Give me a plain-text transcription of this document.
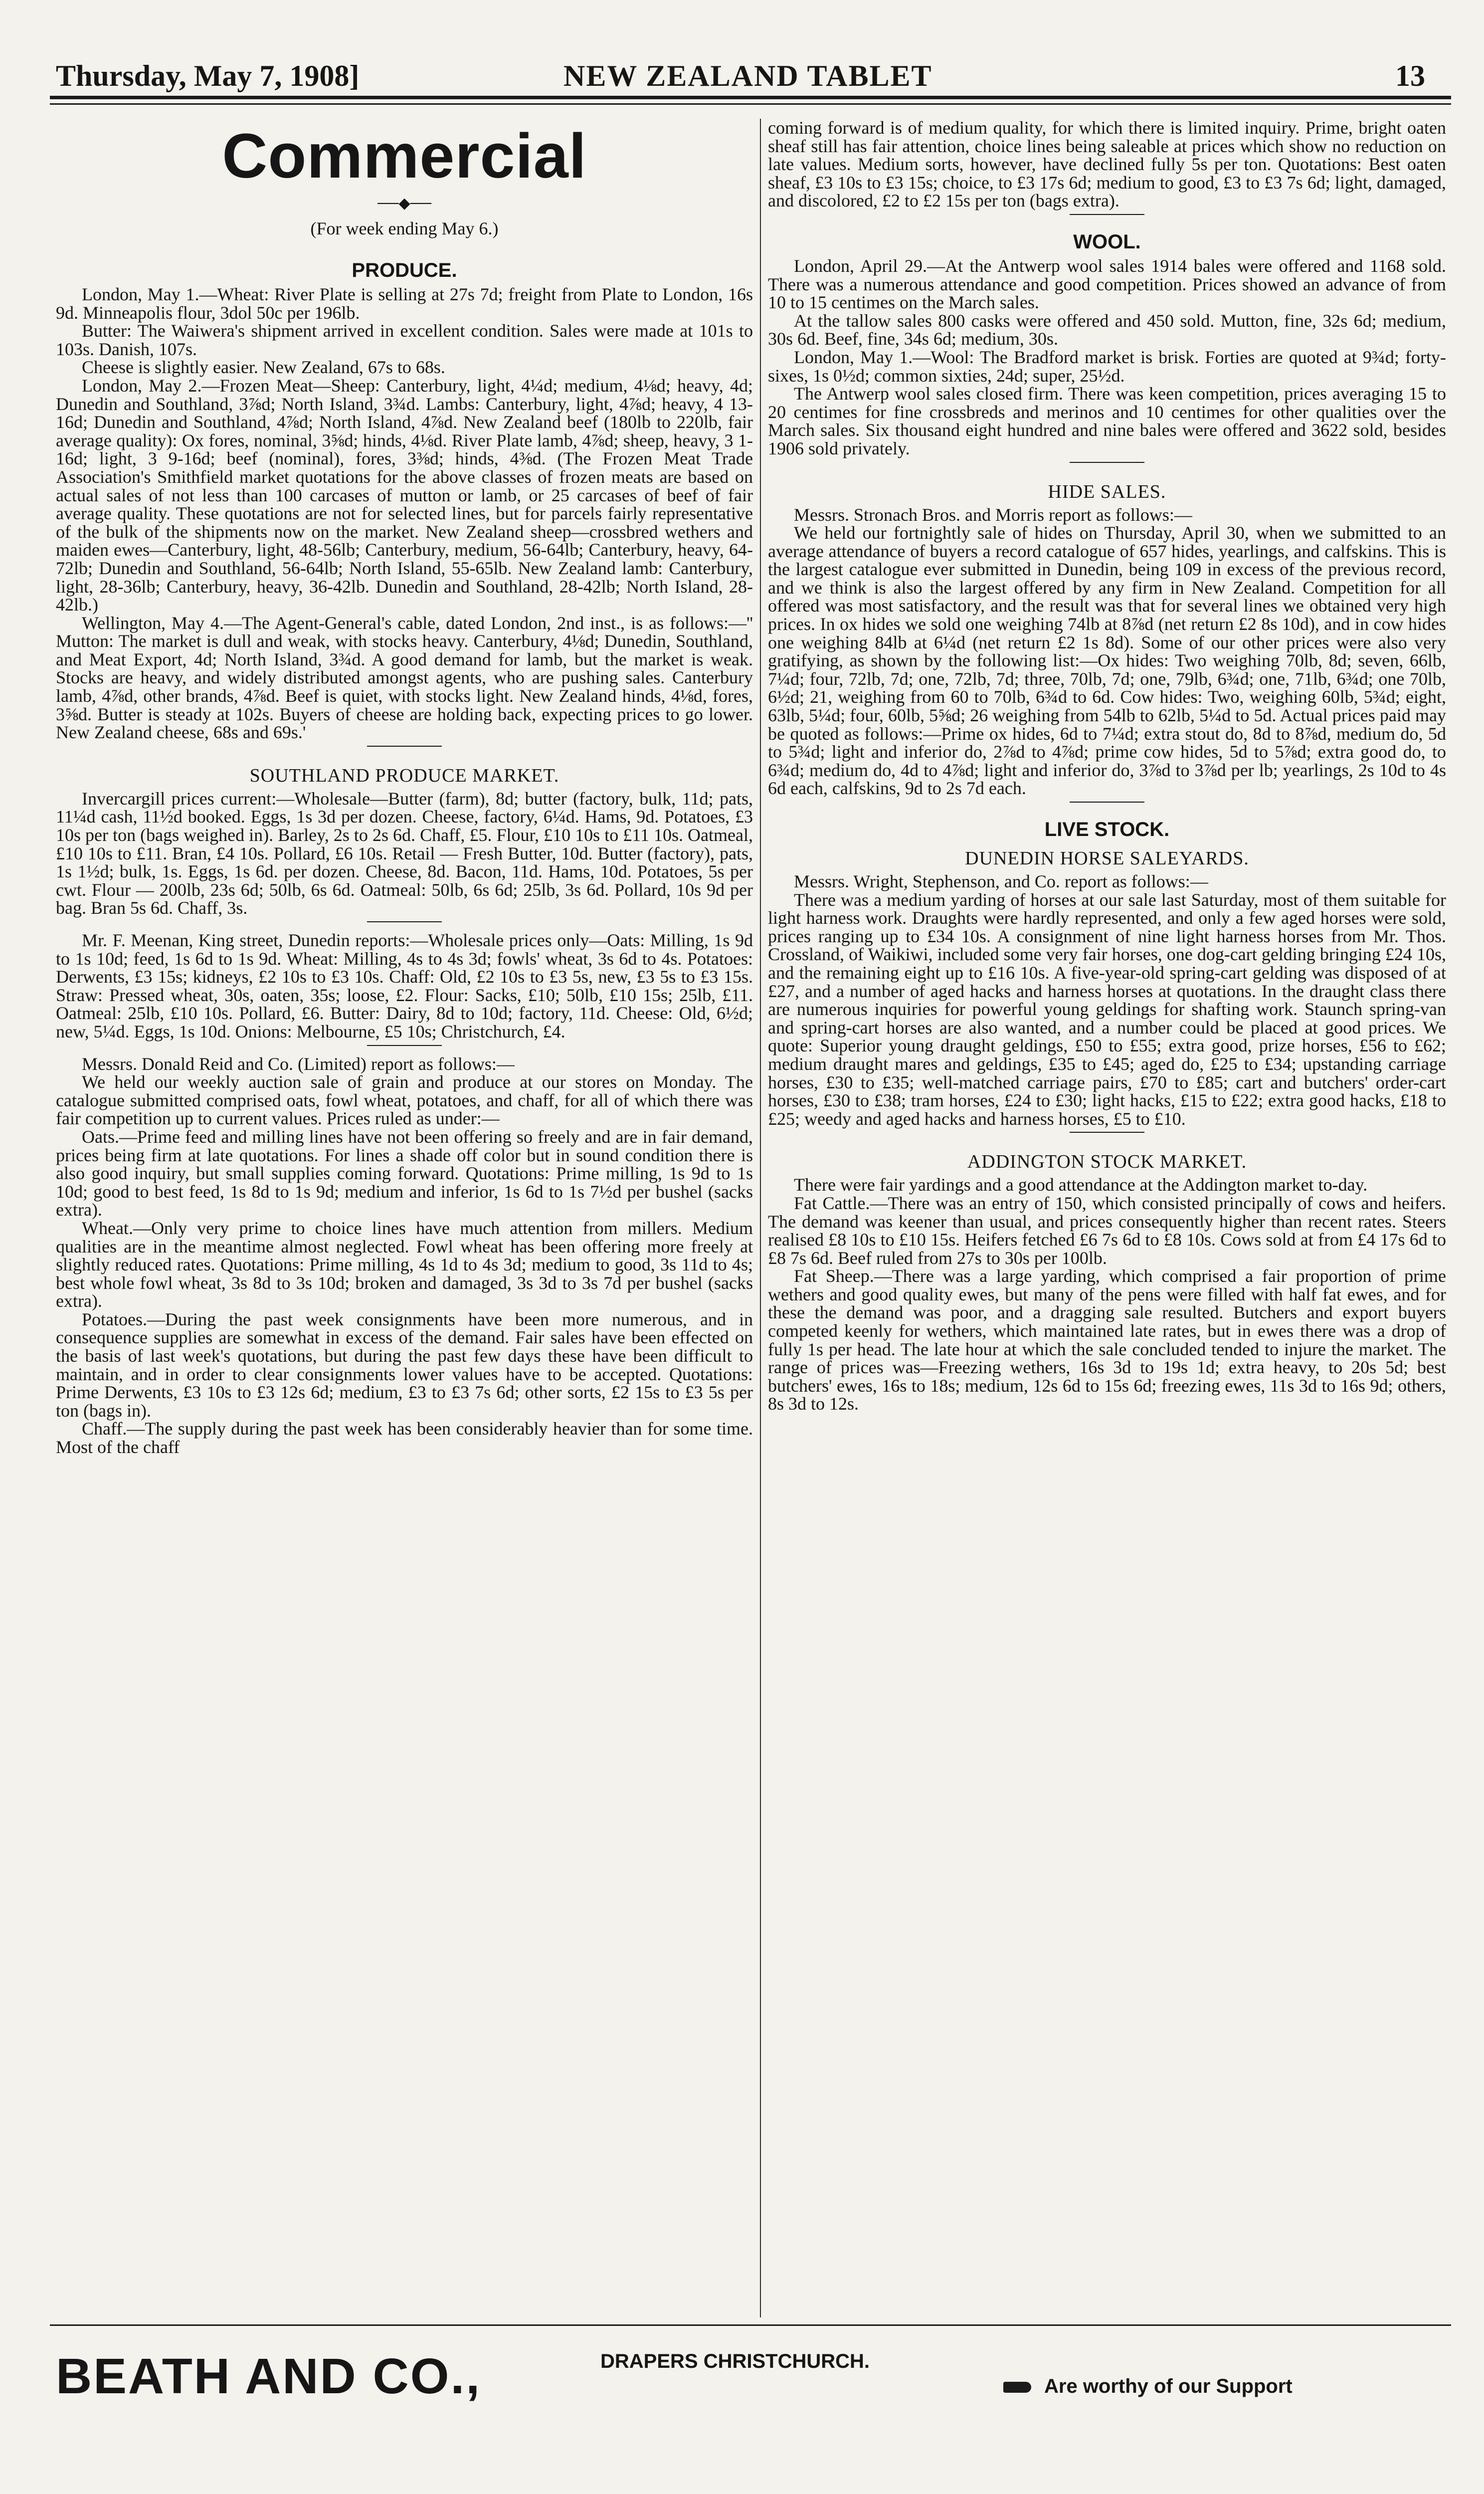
Thursday, May 7, 1908]	NEW ZEALAND TABLET	13
Commercial
──◆──
(For week ending May 6.)
PRODUCE.

London, May 1.—Wheat: River Plate is selling at 27s 7d; freight from Plate to London, 16s 9d. Minneapolis flour, 3dol 50c per 196lb.

Butter: The Waiwera's shipment arrived in excellent condition. Sales were made at 101s to 103s. Danish, 107s.

Cheese is slightly easier. New Zealand, 67s to 68s.

London, May 2.—Frozen Meat—Sheep: Canterbury, light, 4¼d; medium, 4⅛d; heavy, 4d; Dunedin and Southland, 3⅞d; North Island, 3¾d. Lambs: Canterbury, light, 4⅞d; heavy, 4 13-16d; Dunedin and Southland, 4⅞d; North Island, 4⅞d. New Zealand beef (180lb to 220lb, fair average quality): Ox fores, nominal, 3⅝d; hinds, 4⅛d. River Plate lamb, 4⅞d; sheep, heavy, 3 1-16d; light, 3 9-16d; beef (nominal), fores, 3⅜d; hinds, 4⅜d. (The Frozen Meat Trade Association's Smithfield market quotations for the above classes of frozen meats are based on actual sales of not less than 100 carcases of mutton or lamb, or 25 carcases of beef of fair average quality. These quotations are not for selected lines, but for parcels fairly representative of the bulk of the shipments now on the market. New Zealand sheep—crossbred wethers and maiden ewes—Canterbury, light, 48-56lb; Canterbury, medium, 56-64lb; Canterbury, heavy, 64-72lb; Dunedin and Southland, 56-64lb; North Island, 55-65lb. New Zealand lamb: Canterbury, light, 28-36lb; Canterbury, heavy, 36-42lb. Dunedin and Southland, 28-42lb; North Island, 28-42lb.)

Wellington, May 4.—The Agent-General's cable, dated London, 2nd inst., is as follows:—'' Mutton: The market is dull and weak, with stocks heavy. Canterbury, 4⅛d; Dunedin, Southland, and Meat Export, 4d; North Island, 3¾d. A good demand for lamb, but the market is weak. Stocks are heavy, and widely distributed amongst agents, who are pushing sales. Canterbury lamb, 4⅞d, other brands, 4⅞d. Beef is quiet, with stocks light. New Zealand hinds, 4⅛d, fores, 3⅝d. Butter is steady at 102s. Buyers of cheese are holding back, expecting prices to go lower. New Zealand cheese, 68s and 69s.'

SOUTHLAND PRODUCE MARKET.

Invercargill prices current:—Wholesale—Butter (farm), 8d; butter (factory, bulk, 11d; pats, 11¼d cash, 11½d booked. Eggs, 1s 3d per dozen. Cheese, factory, 6¼d. Hams, 9d. Potatoes, £3 10s per ton (bags weighed in). Barley, 2s to 2s 6d. Chaff, £5. Flour, £10 10s to £11 10s. Oatmeal, £10 10s to £11. Bran, £4 10s. Pollard, £6 10s. Retail — Fresh Butter, 10d. Butter (factory), pats, 1s 1½d; bulk, 1s. Eggs, 1s 6d. per dozen. Cheese, 8d. Bacon, 11d. Hams, 10d. Potatoes, 5s per cwt. Flour — 200lb, 23s 6d; 50lb, 6s 6d. Oatmeal: 50lb, 6s 6d; 25lb, 3s 6d. Pollard, 10s 9d per bag. Bran 5s 6d. Chaff, 3s.

Mr. F. Meenan, King street, Dunedin reports:—Wholesale prices only—Oats: Milling, 1s 9d to 1s 10d; feed, 1s 6d to 1s 9d. Wheat: Milling, 4s to 4s 3d; fowls' wheat, 3s 6d to 4s. Potatoes: Derwents, £3 15s; kidneys, £2 10s to £3 10s. Chaff: Old, £2 10s to £3 5s, new, £3 5s to £3 15s. Straw: Pressed wheat, 30s, oaten, 35s; loose, £2. Flour: Sacks, £10; 50lb, £10 15s; 25lb, £11. Oatmeal: 25lb, £10 10s. Pollard, £6. Butter: Dairy, 8d to 10d; factory, 11d. Cheese: Old, 6½d; new, 5¼d. Eggs, 1s 10d. Onions: Melbourne, £5 10s; Christchurch, £4.

Messrs. Donald Reid and Co. (Limited) report as follows:—

We held our weekly auction sale of grain and produce at our stores on Monday. The catalogue submitted comprised oats, fowl wheat, potatoes, and chaff, for all of which there was fair competition up to current values. Prices ruled as under:—

Oats.—Prime feed and milling lines have not been offering so freely and are in fair demand, prices being firm at late quotations. For lines a shade off color but in sound condition there is also good inquiry, but small supplies coming forward. Quotations: Prime milling, 1s 9d to 1s 10d; good to best feed, 1s 8d to 1s 9d; medium and inferior, 1s 6d to 1s 7½d per bushel (sacks extra).

Wheat.—Only very prime to choice lines have much attention from millers. Medium qualities are in the meantime almost neglected. Fowl wheat has been offering more freely at slightly reduced rates. Quotations: Prime milling, 4s 1d to 4s 3d; medium to good, 3s 11d to 4s; best whole fowl wheat, 3s 8d to 3s 10d; broken and damaged, 3s 3d to 3s 7d per bushel (sacks extra).

Potatoes.—During the past week consignments have been more numerous, and in consequence supplies are somewhat in excess of the demand. Fair sales have been effected on the basis of last week's quotations, but during the past few days these have been difficult to maintain, and in order to clear consignments lower values have to be accepted. Quotations: Prime Derwents, £3 10s to £3 12s 6d; medium, £3 to £3 7s 6d; other sorts, £2 15s to £3 5s per ton (bags in).

Chaff.—The supply during the past week has been considerably heavier than for some time. Most of the chaff

coming forward is of medium quality, for which there is limited inquiry. Prime, bright oaten sheaf still has fair attention, choice lines being saleable at prices which show no reduction on late values. Medium sorts, however, have declined fully 5s per ton. Quotations: Best oaten sheaf, £3 10s to £3 15s; choice, to £3 17s 6d; medium to good, £3 to £3 7s 6d; light, damaged, and discolored, £2 to £2 15s per ton (bags extra).

WOOL.

London, April 29.—At the Antwerp wool sales 1914 bales were offered and 1168 sold. There was a numerous attendance and good competition. Prices showed an advance of from 10 to 15 centimes on the March sales.

At the tallow sales 800 casks were offered and 450 sold. Mutton, fine, 32s 6d; medium, 30s 6d. Beef, fine, 34s 6d; medium, 30s.

London, May 1.—Wool: The Bradford market is brisk. Forties are quoted at 9¾d; forty-sixes, 1s 0½d; common sixties, 24d; super, 25½d.

The Antwerp wool sales closed firm. There was keen competition, prices averaging 15 to 20 centimes for fine crossbreds and merinos and 10 centimes for other qualities over the March sales. Six thousand eight hundred and nine bales were offered and 3622 sold, besides 1906 sold privately.

HIDE SALES.

Messrs. Stronach Bros. and Morris report as follows:—

We held our fortnightly sale of hides on Thursday, April 30, when we submitted to an average attendance of buyers a record catalogue of 657 hides, yearlings, and calfskins. This is the largest catalogue ever submitted in Dunedin, being 109 in excess of the previous record, and we think is also the largest offered by any firm in New Zealand. Competition for all offered was most satisfactory, and the result was that for several lines we obtained very high prices. In ox hides we sold one weighing 74lb at 8⅞d (net return £2 8s 10d), and in cow hides one weighing 84lb at 6¼d (net return £2 1s 8d). Some of our other prices were also very gratifying, as shown by the following list:—Ox hides: Two weighing 70lb, 8d; seven, 66lb, 7¼d; four, 72lb, 7d; one, 72lb, 7d; three, 70lb, 7d; one, 79lb, 6¾d; one, 71lb, 6¾d; one 70lb, 6½d; 21, weighing from 60 to 70lb, 6¾d to 6d. Cow hides: Two, weighing 60lb, 5¾d; eight, 63lb, 5¼d; four, 60lb, 5⅝d; 26 weighing from 54lb to 62lb, 5¼d to 5d. Actual prices paid may be quoted as follows:—Prime ox hides, 6d to 7¼d; extra stout do, 8d to 8⅞d, medium do, 5d to 5¾d; light and inferior do, 2⅞d to 4⅞d; prime cow hides, 5d to 5⅞d; extra good do, to 6¾d; medium do, 4d to 4⅞d; light and inferior do, 3⅞d to 3⅞d per lb; yearlings, 2s 10d to 4s 6d each, calfskins, 9d to 2s 7d each.

LIVE STOCK.
DUNEDIN HORSE SALEYARDS.

Messrs. Wright, Stephenson, and Co. report as follows:—

There was a medium yarding of horses at our sale last Saturday, most of them suitable for light harness work. Draughts were hardly represented, and only a few aged horses were sold, prices ranging up to £34 10s. A consignment of nine light harness horses from Mr. Thos. Crossland, of Waikiwi, included some very fair horses, one dog-cart gelding bringing £24 10s, and the remaining eight up to £16 10s. A five-year-old spring-cart gelding was disposed of at £27, and a number of aged hacks and harness horses at quotations. In the draught class there are numerous inquiries for powerful young geldings for shafting work. Staunch spring-van and spring-cart horses are also wanted, and a number could be placed at good prices. We quote: Superior young draught geldings, £50 to £55; extra good, prize horses, £56 to £62; medium draught mares and geldings, £35 to £45; aged do, £25 to £34; upstanding carriage horses, £30 to £35; well-matched carriage pairs, £70 to £85; cart and butchers' order-cart horses, £30 to £38; tram horses, £24 to £30; light hacks, £15 to £22; extra good hacks, £18 to £25; weedy and aged hacks and harness horses, £5 to £10.

ADDINGTON STOCK MARKET.

There were fair yardings and a good attendance at the Addington market to-day.

Fat Cattle.—There was an entry of 150, which consisted principally of cows and heifers. The demand was keener than usual, and prices consequently higher than recent rates. Steers realised £8 10s to £10 15s. Heifers fetched £6 7s 6d to £8 10s. Cows sold at from £4 17s 6d to £8 7s 6d. Beef ruled from 27s to 30s per 100lb.

Fat Sheep.—There was a large yarding, which comprised a fair proportion of prime wethers and good quality ewes, but many of the pens were filled with half fat ewes, and for these the demand was poor, and a dragging sale resulted. Butchers and export buyers competed keenly for wethers, which maintained late rates, but in ewes there was a drop of fully 1s per head. The late hour at which the sale concluded tended to injure the market. The range of prices was—Freezing wethers, 16s 3d to 19s 1d; extra heavy, to 20s 5d; best butchers' ewes, 16s to 18s; medium, 12s 6d to 15s 6d; freezing ewes, 11s 3d to 16s 9d; others, 8s 3d to 12s.

BEATH AND CO.,	DRAPERS CHRISTCHURCH.
Are worthy of our Support
